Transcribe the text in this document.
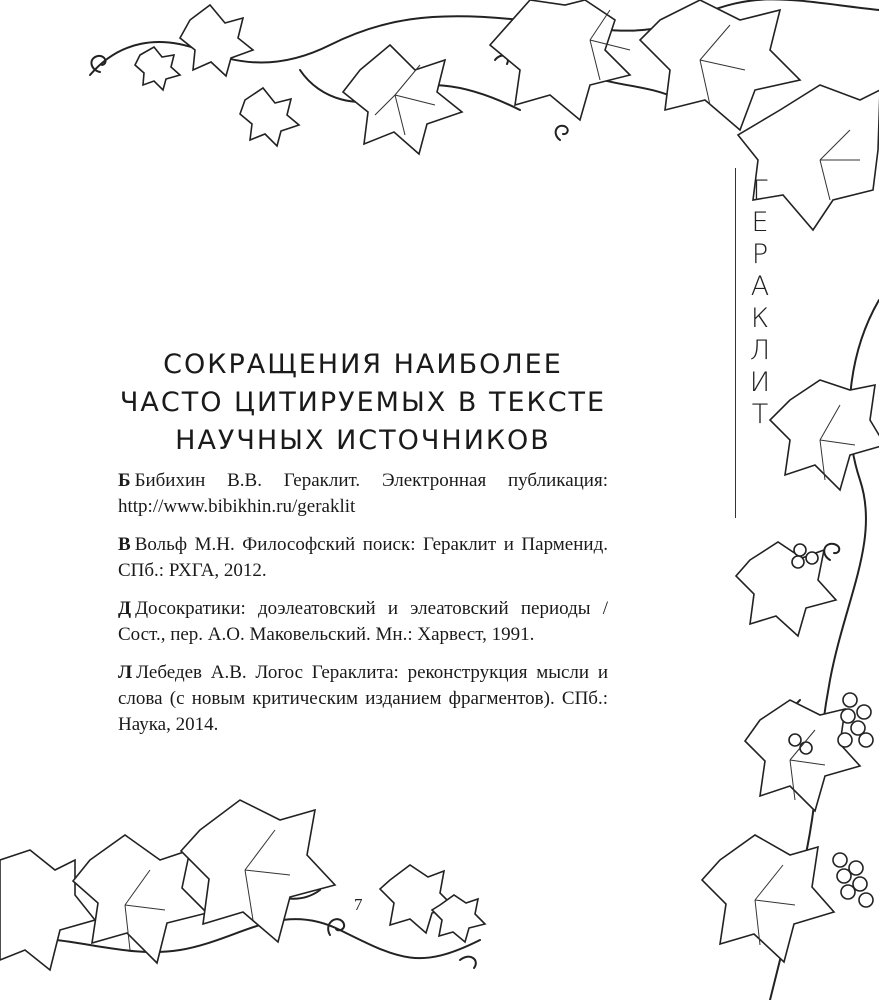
Г
Е
Р
А
К
Л
И
Т
СОКРАЩЕНИЯ НАИБОЛЕЕ
ЧАСТО ЦИТИРУЕМЫХ В ТЕКСТЕ
НАУЧНЫХ ИСТОЧНИКОВ

Б Бибихин В.В. Гераклит. Электронная публикация: http://www.bibikhin.ru/geraklit

В Вольф М.Н. Философский поиск: Гераклит и Парменид. СПб.: РХГА, 2012.

Д Досократики: доэлеатовский и элеатовский периоды / Сост., пер. А.О. Маковельский. Мн.: Харвест, 1991.

Л Лебедев А.В. Логос Гераклита: реконструкция мысли и слова (с новым критическим изданием фрагментов). СПб.: Наука, 2014.

7
